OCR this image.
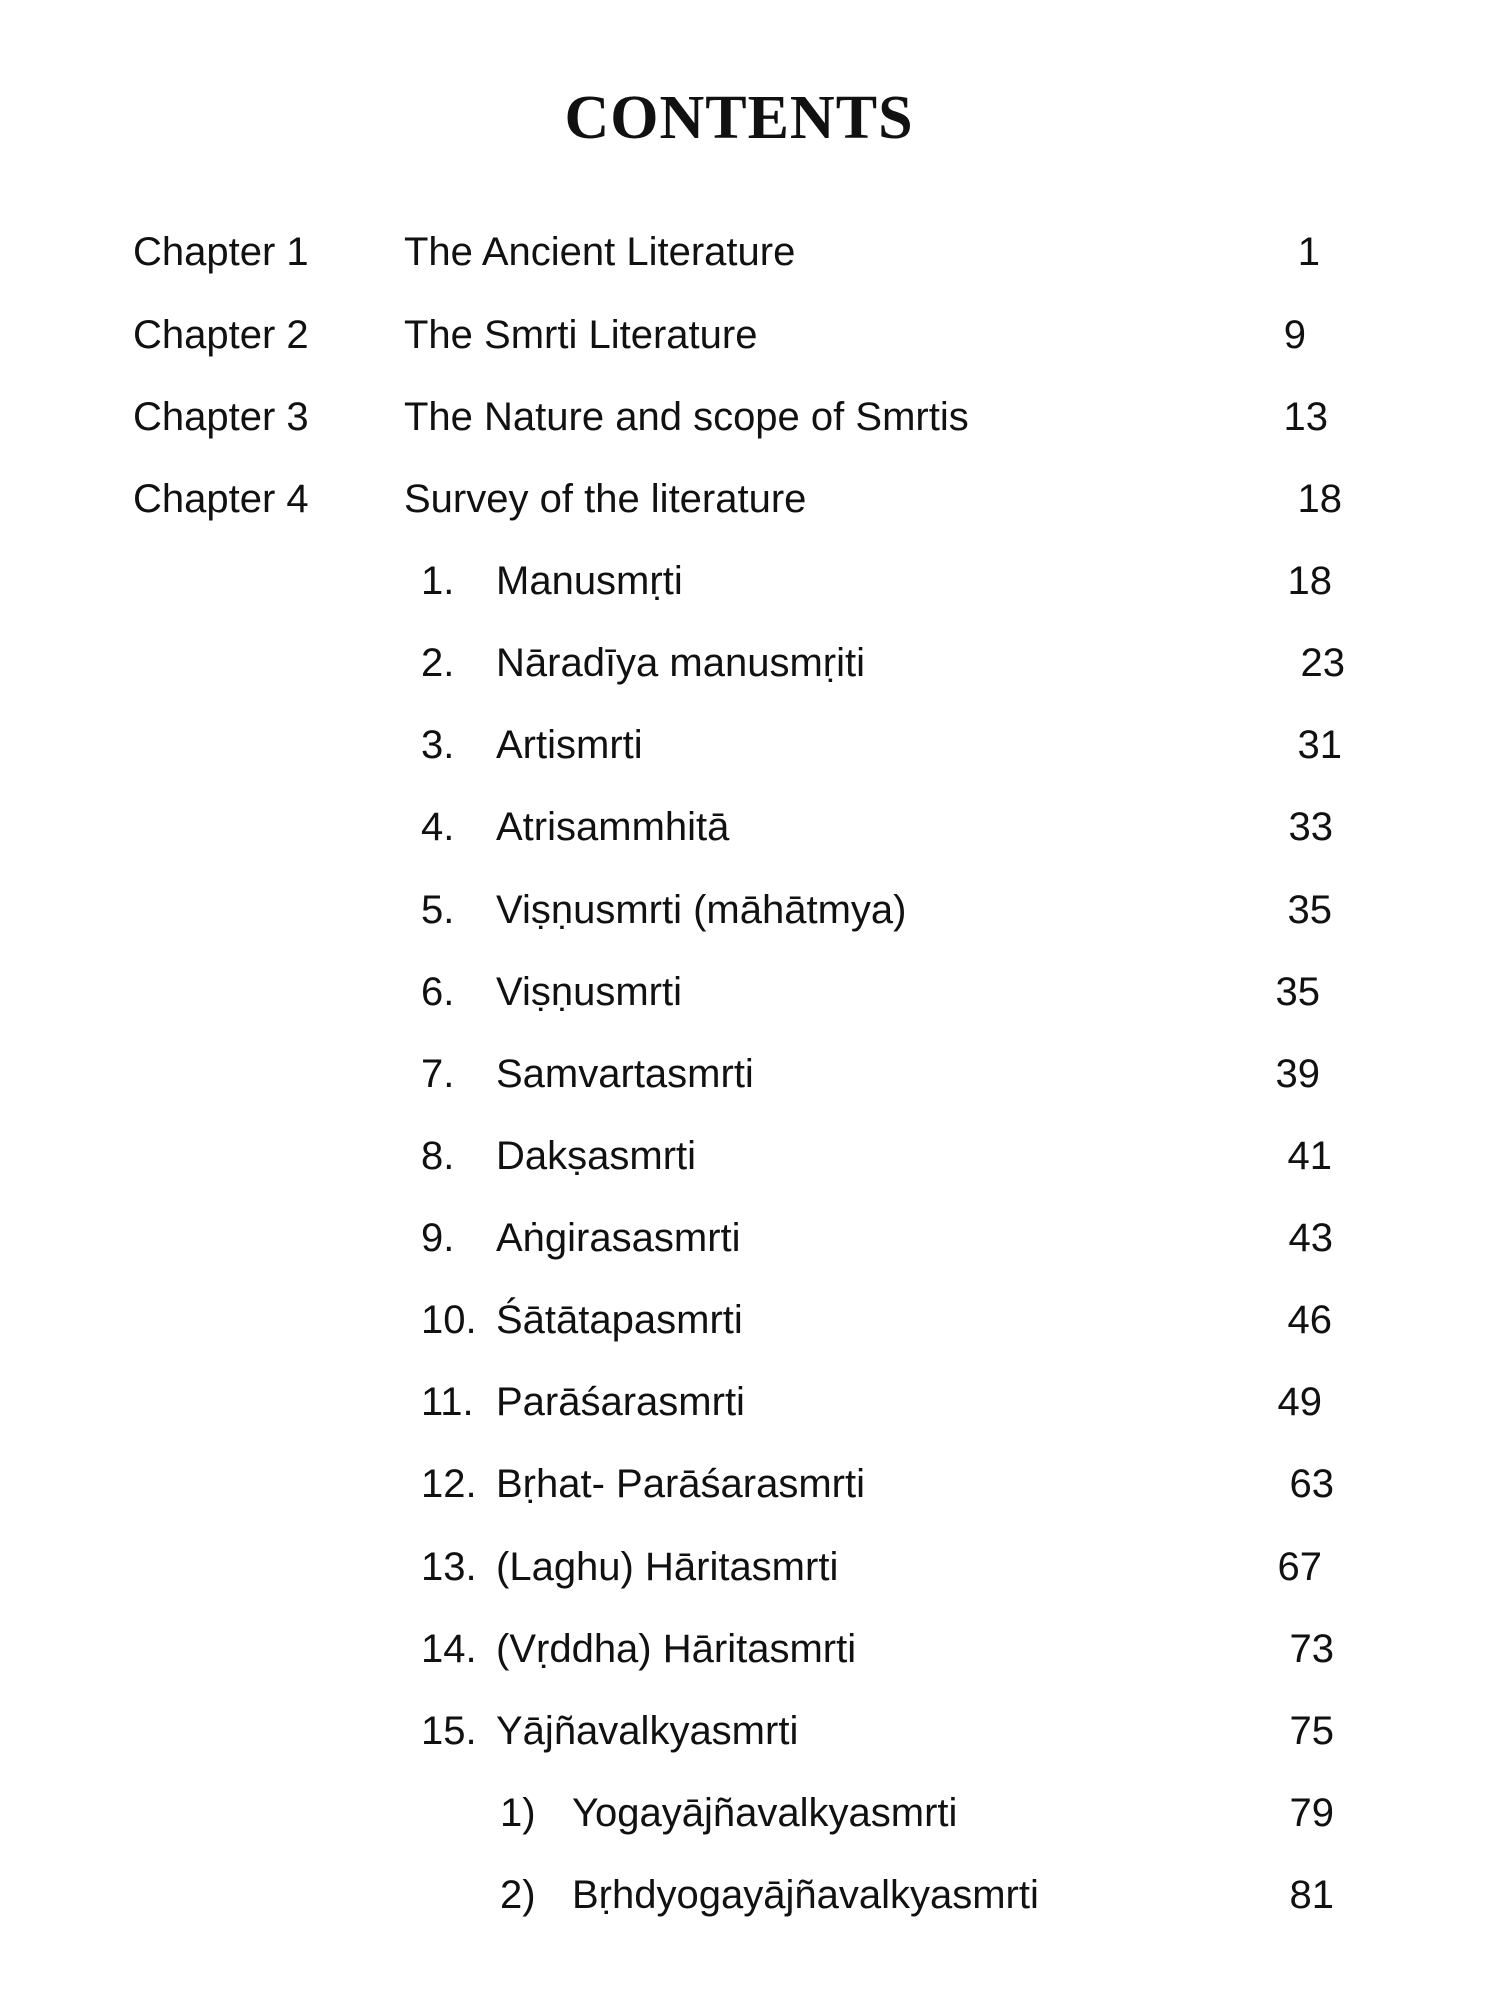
CONTENTS
Chapter 1 The Ancient Literature	1
Chapter 2 The Smrti Literature	9
Chapter 3 The Nature and scope of Smrtis	13
Chapter 4 Survey of the literature	18
1. Manusmṛti	18
2. Nāradīya manusmṛiti	23
3. Artismrti	31
4. Atrisammhitā	33
5. Viṣṇusmrti (māhātmya)	35
6. Viṣṇusmrti	35
7. Samvartasmrti	39
8. Dakṣasmrti	41
9. Aṅgirasasmrti	43
10. Śātātapasmrti	46
11. Parāśarasmrti	49
12. Bṛhat- Parāśarasmrti	63
13. (Laghu) Hāritasmrti	67
14. (Vṛddha) Hāritasmrti	73
15. Yājñavalkyasmrti	75
1) Yogayājñavalkyasmrti	79
2) Bṛhdyogayājñavalkyasmrti	81
